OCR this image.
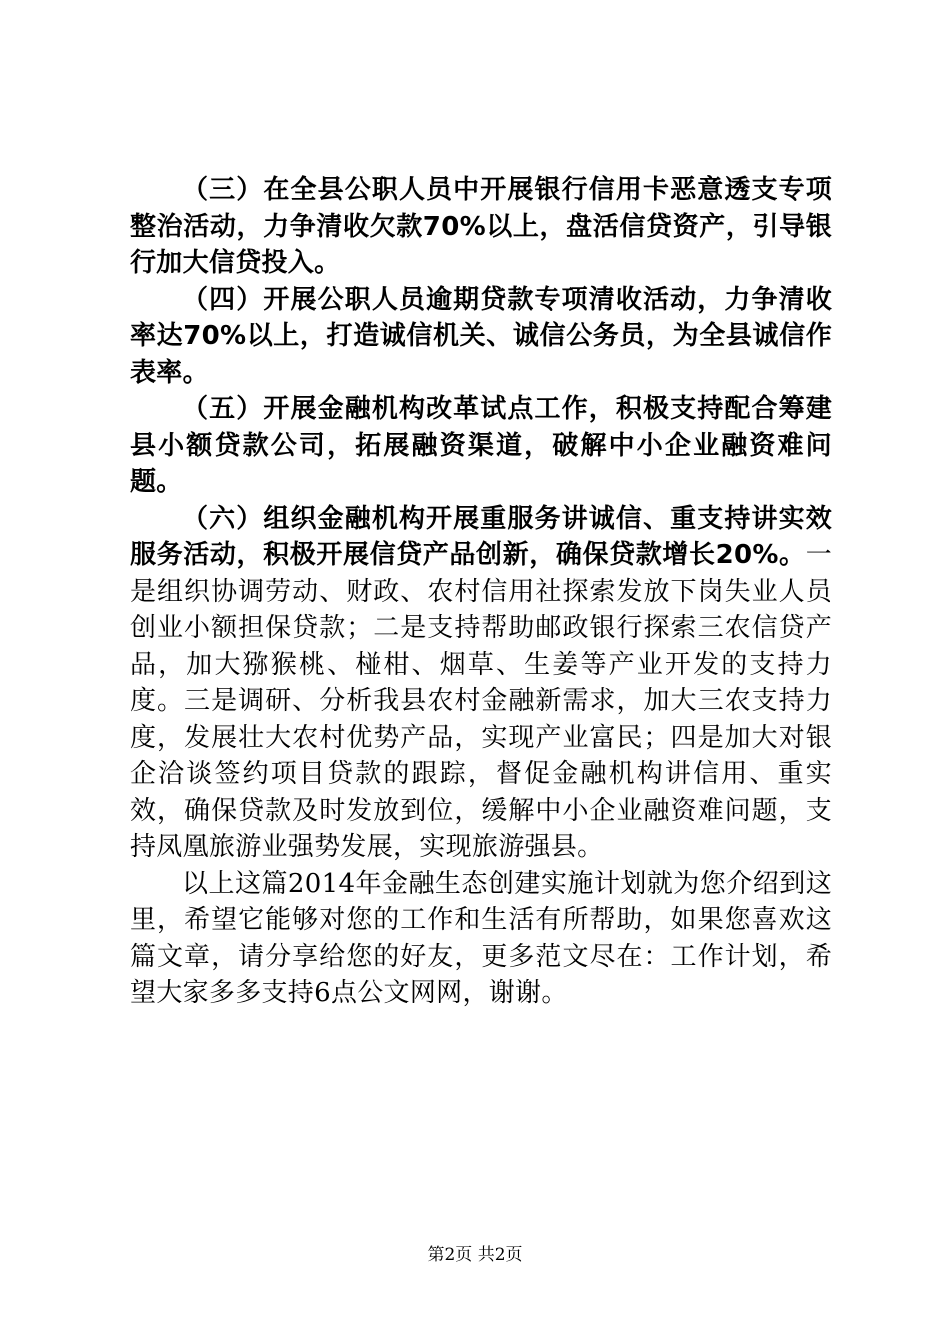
（三）在全县公职人员中开展银行信用卡恶意透支专项整治活动，力争清收欠款70%以上，盘活信贷资产，引导银行加大信贷投入。

（四）开展公职人员逾期贷款专项清收活动，力争清收率达70%以上，打造诚信机关、诚信公务员，为全县诚信作表率。

（五）开展金融机构改革试点工作，积极支持配合筹建县小额贷款公司，拓展融资渠道，破解中小企业融资难问题。

（六）组织金融机构开展重服务讲诚信、重支持讲实效服务活动，积极开展信贷产品创新，确保贷款增长20%。一是组织协调劳动、财政、农村信用社探索发放下岗失业人员创业小额担保贷款；二是支持帮助邮政银行探索三农信贷产品，加大猕猴桃、椪柑、烟草、生姜等产业开发的支持力度。三是调研、分析我县农村金融新需求，加大三农支持力度，发展壮大农村优势产品，实现产业富民；四是加大对银企洽谈签约项目贷款的跟踪，督促金融机构讲信用、重实效，确保贷款及时发放到位，缓解中小企业融资难问题，支持凤凰旅游业强势发展，实现旅游强县。

以上这篇2014年金融生态创建实施计划就为您介绍到这里，希望它能够对您的工作和生活有所帮助，如果您喜欢这篇文章，请分享给您的好友，更多范文尽在：工作计划，希望大家多多支持6点公文网网，谢谢。

第2页 共2页
